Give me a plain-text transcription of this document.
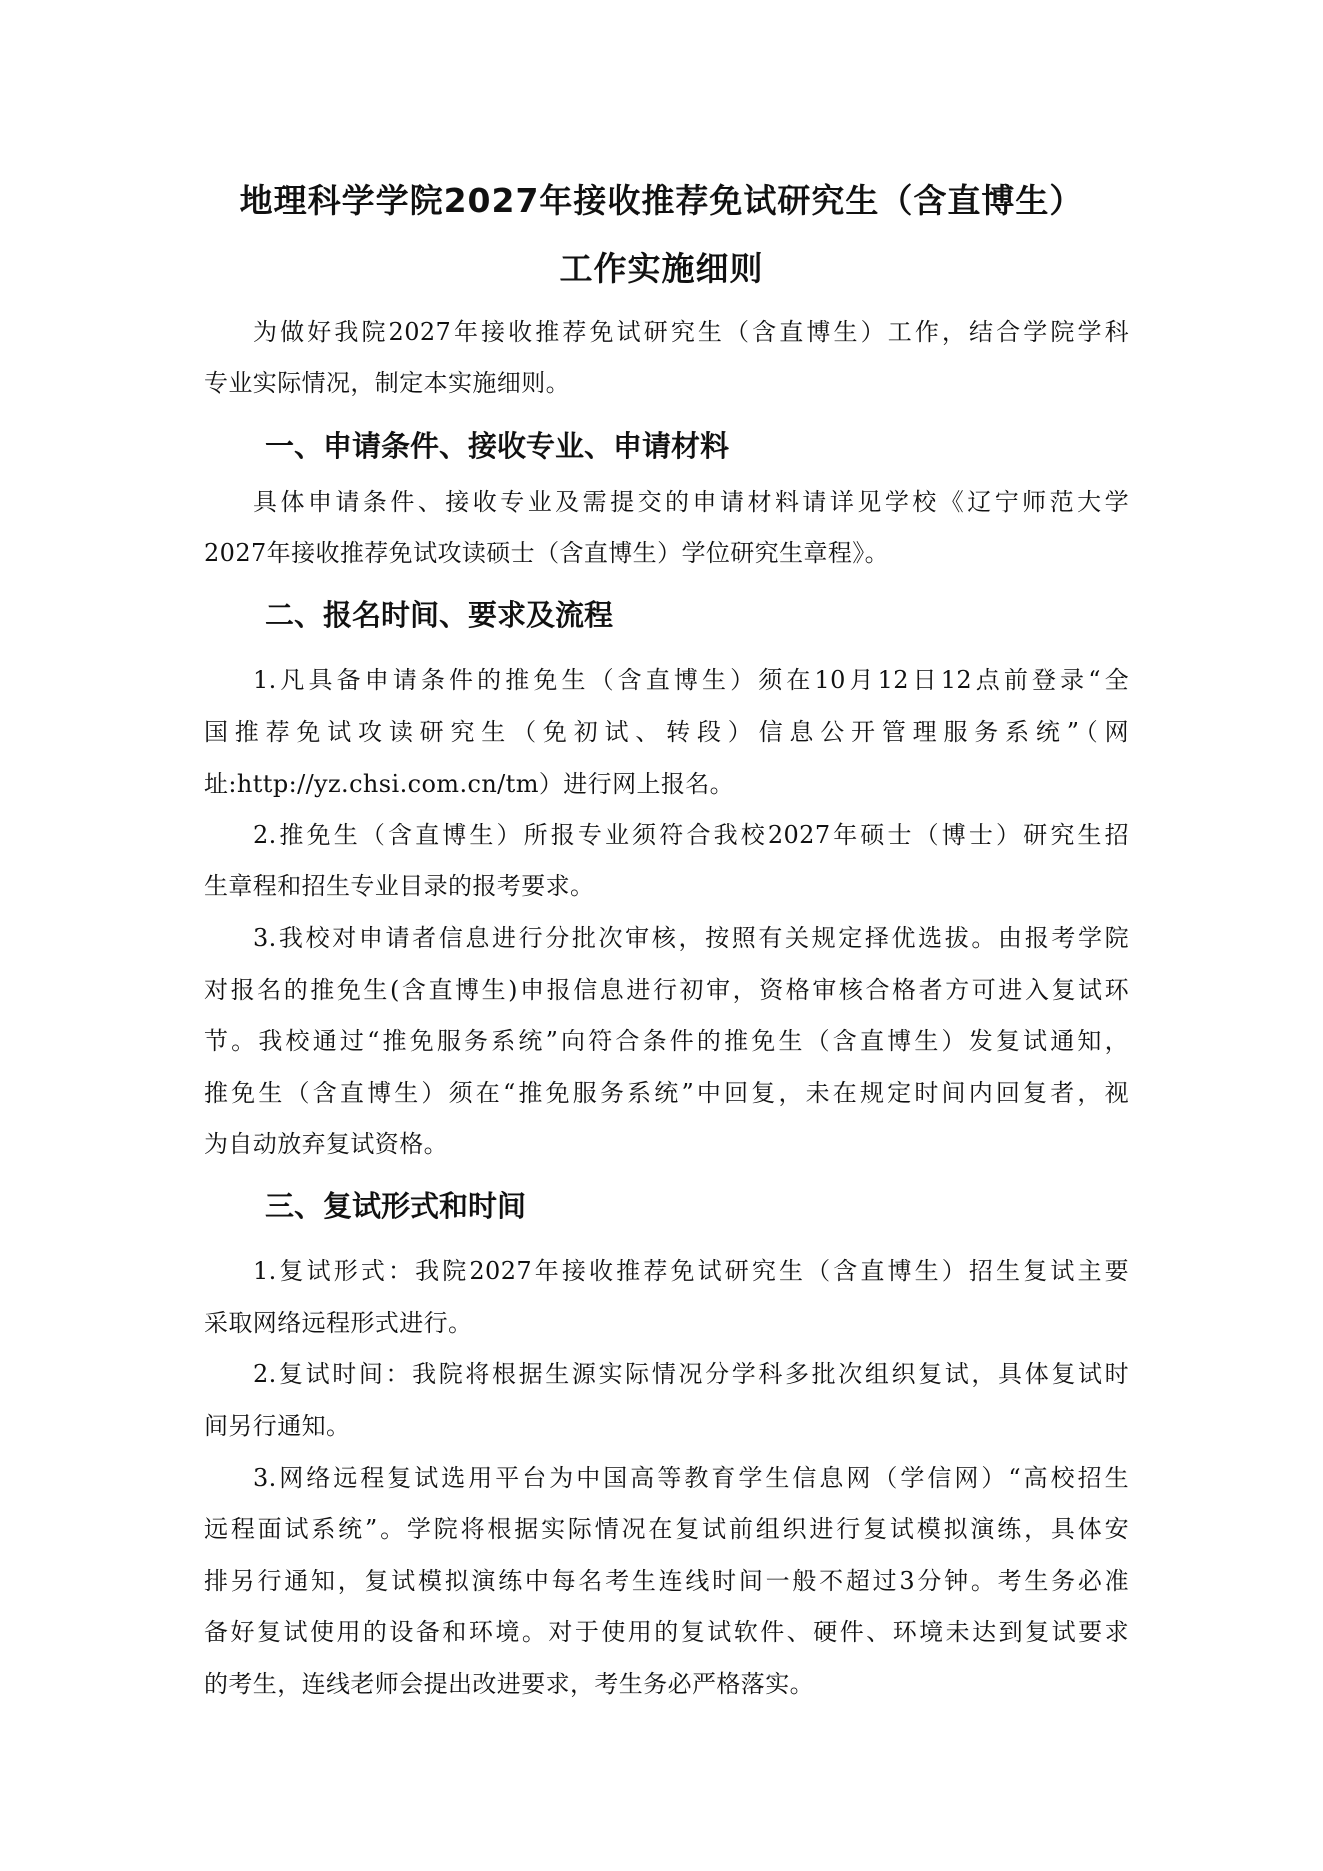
地理科学学院2027年接收推荐免试研究生（含直博生）
工作实施细则
为做好我院2027年接收推荐免试研究生（含直博生）工作，结合学院学科
专业实际情况，制定本实施细则。
一、申请条件、接收专业、申请材料
具体申请条件、接收专业及需提交的申请材料请详见学校《辽宁师范大学
2027年接收推荐免试攻读硕士（含直博生）学位研究生章程》。
二、报名时间、要求及流程
1.凡具备申请条件的推免生（含直博生）须在10月12日12点前登录“全
国推荐免试攻读研究生（免初试、转段）信息公开管理服务系统”（网
址:http://yz.chsi.com.cn/tm）进行网上报名。
2.推免生（含直博生）所报专业须符合我校2027年硕士（博士）研究生招
生章程和招生专业目录的报考要求。
3.我校对申请者信息进行分批次审核，按照有关规定择优选拔。由报考学院
对报名的推免生(含直博生)申报信息进行初审，资格审核合格者方可进入复试环
节。我校通过“推免服务系统”向符合条件的推免生（含直博生）发复试通知，
推免生（含直博生）须在“推免服务系统”中回复，未在规定时间内回复者，视
为自动放弃复试资格。
三、复试形式和时间
1.复试形式：我院2027年接收推荐免试研究生（含直博生）招生复试主要
采取网络远程形式进行。
2.复试时间：我院将根据生源实际情况分学科多批次组织复试，具体复试时
间另行通知。
3.网络远程复试选用平台为中国高等教育学生信息网（学信网）“高校招生
远程面试系统”。学院将根据实际情况在复试前组织进行复试模拟演练，具体安
排另行通知，复试模拟演练中每名考生连线时间一般不超过3分钟。考生务必准
备好复试使用的设备和环境。对于使用的复试软件、硬件、环境未达到复试要求
的考生，连线老师会提出改进要求，考生务必严格落实。
